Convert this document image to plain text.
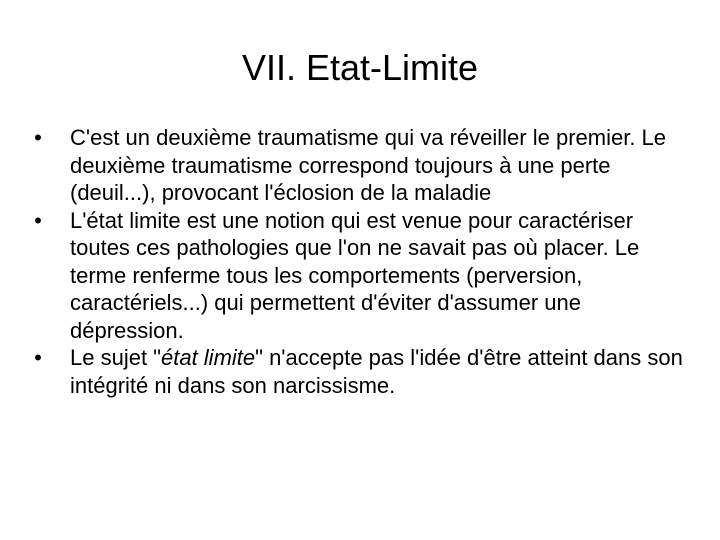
VII. Etat-Limite
• C'est un deuxième traumatisme qui va réveiller le premier. Le deuxième traumatisme correspond toujours à une perte (deuil...), provocant l'éclosion de la maladie
• L'état limite est une notion qui est venue pour caractériser toutes ces pathologies que l'on ne savait pas où placer. Le terme renferme tous les comportements (perversion, caractériels...) qui permettent d'éviter d'assumer une dépression.
• Le sujet "état limite" n'accepte pas l'idée d'être atteint dans son intégrité ni dans son narcissisme.
